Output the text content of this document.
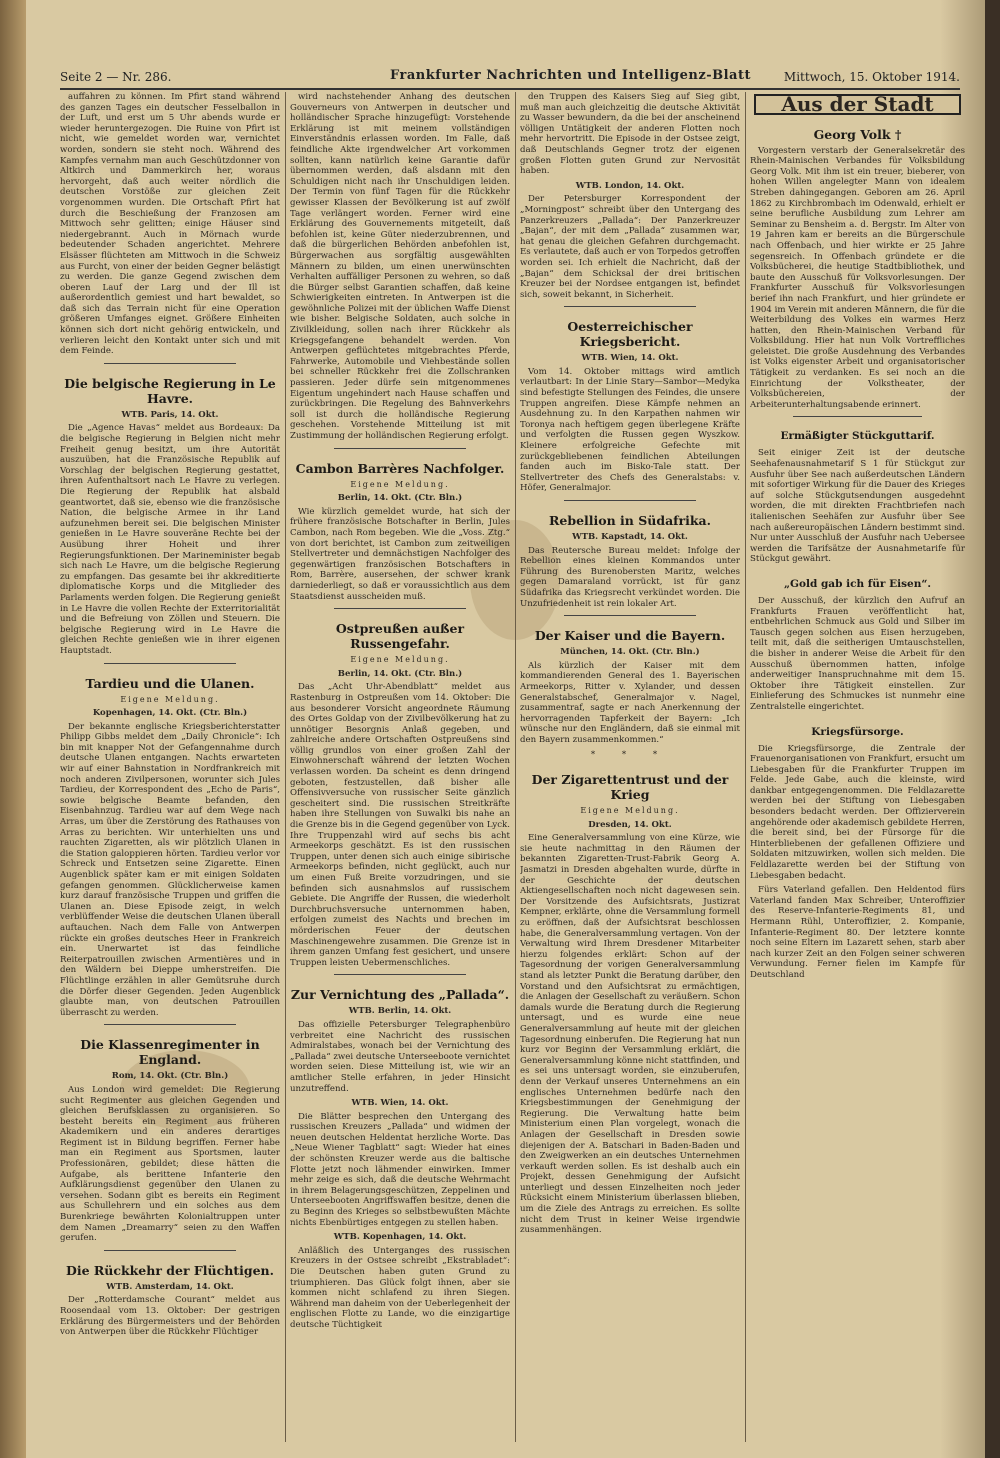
Seite 2 — Nr. 286.	Frankfurter Nachrichten und Intelligenz-Blatt	Mittwoch, 15. Oktober 1914.

auffahren zu können. Im Pfirt stand während des ganzen Tages ein deutscher Fesselballon in der Luft, und erst um 5 Uhr abends wurde er wieder heruntergezogen. Die Ruine von Pfirt ist nicht, wie gemeldet worden war, vernichtet worden, sondern sie steht noch. Während des Kampfes vernahm man auch Geschützdonner von Altkirch und Dammerkirch her, woraus hervorgeht, daß auch weiter nördlich die deutschen Vorstöße zur gleichen Zeit vorgenommen wurden. Die Ortschaft Pfirt hat durch die Beschießung der Franzosen am Mittwoch sehr gelitten; einige Häuser sind niedergebrannt. Auch in Mörnach wurde bedeutender Schaden angerichtet. Mehrere Elsässer flüchteten am Mittwoch in die Schweiz aus Furcht, von einer der beiden Gegner belästigt zu werden. Die ganze Gegend zwischen dem oberen Lauf der Larg und der Ill ist außerordentlich gemiest und hart bewaldet, so daß sich das Terrain nicht für eine Operation größeren Umfanges eignet. Größere Einheiten können sich dort nicht gehörig entwickeln, und verlieren leicht den Kontakt unter sich und mit dem Feinde.

Die belgische Regierung in Le Havre.
WTB. Paris, 14. Okt.

Die „Agence Havas“ meldet aus Bordeaux: Da die belgische Regierung in Belgien nicht mehr Freiheit genug besitzt, um ihre Autorität auszuüben, hat die Französische Republik auf Vorschlag der belgischen Regierung gestattet, ihren Aufenthaltsort nach Le Havre zu verlegen. Die Regierung der Republik hat alsbald geantwortet, daß sie, ebenso wie die französische Nation, die belgische Armee in ihr Land aufzunehmen bereit sei. Die belgischen Minister genießen in Le Havre souveräne Rechte bei der Ausübung ihrer Hoheit und ihrer Regierungsfunktionen. Der Marineminister begab sich nach Le Havre, um die belgische Regierung zu empfangen. Das gesamte bei ihr akkreditierte diplomatische Korps und die Mitglieder des Parlaments werden folgen. Die Regierung genießt in Le Havre die vollen Rechte der Exterritorialität und die Befreiung von Zöllen und Steuern. Die belgische Regierung wird in Le Havre die gleichen Rechte genießen wie in ihrer eigenen Hauptstadt.

Tardieu und die Ulanen.
Eigene Meldung.
Kopenhagen, 14. Okt. (Ctr. Bln.)

Der bekannte englische Kriegsberichterstatter Philipp Gibbs meldet dem „Daily Chronicle“: Ich bin mit knapper Not der Gefangennahme durch deutsche Ulanen entgangen. Nachts erwarteten wir auf einer Bahnstation in Nordfrankreich mit noch anderen Zivilpersonen, worunter sich Jules Tardieu, der Korrespondent des „Echo de Paris“, sowie belgische Beamte befanden, den Eisenbahnzug. Tardieu war auf dem Wege nach Arras, um über die Zerstörung des Rathauses von Arras zu berichten. Wir unterhielten uns und rauchten Zigaretten, als wir plötzlich Ulanen in die Station galoppieren hörten. Tardieu verlor vor Schreck und Entsetzen seine Zigarette. Einen Augenblick später kam er mit einigen Soldaten gefangen genommen. Glücklicherweise kamen kurz darauf französische Truppen und griffen die Ulanen an. Diese Episode zeigt, in welch verblüffender Weise die deutschen Ulanen überall auftauchen. Nach dem Falle von Antwerpen rückte ein großes deutsches Heer in Frankreich ein. Unerwartet ist das feindliche Reiterpatrouillen zwischen Armentières und in den Wäldern bei Dieppe umherstreifen. Die Flüchtlinge erzählen in aller Gemütsruhe durch die Dörfer dieser Gegenden. Jeden Augenblick glaubte man, von deutschen Patrouillen überrascht zu werden.

Die Klassenregimenter in England.
Rom, 14. Okt. (Ctr. Bln.)

Aus London wird gemeldet: Die Regierung sucht Regimenter aus gleichen Gegenden und gleichen Berufsklassen zu organisieren. So besteht bereits ein Regiment aus früheren Akademikern und ein anderes derartiges Regiment ist in Bildung begriffen. Ferner habe man ein Regiment aus Sportsmen, lauter Professionären, gebildet; diese hätten die Aufgabe, als berittene Infanterie den Aufklärungsdienst gegenüber den Ulanen zu versehen. Sodann gibt es bereits ein Regiment aus Schullehrern und ein solches aus dem Burenkriege bewährten Kolonialtruppen unter dem Namen „Dreamarry“ seien zu den Waffen gerufen.

Die Rückkehr der Flüchtigen.
WTB. Amsterdam, 14. Okt.

Der „Rotterdamsche Courant“ meldet aus Roosendaal vom 13. Oktober: Der gestrigen Erklärung des Bürgermeisters und der Behörden von Antwerpen über die Rückkehr Flüchtiger

wird nachstehender Anhang des deutschen Gouverneurs von Antwerpen in deutscher und holländischer Sprache hinzugefügt: Vorstehende Erklärung ist mit meinem vollständigen Einverständnis erlassen worden. Im Falle, daß feindliche Akte irgendwelcher Art vorkommen sollten, kann natürlich keine Garantie dafür übernommen werden, daß alsdann mit den Schuldigen nicht nach ihr Unschuldigen leiden. Der Termin von fünf Tagen für die Rückkehr gewisser Klassen der Bevölkerung ist auf zwölf Tage verlängert worden. Ferner wird eine Erklärung des Gouvernements mitgeteilt, daß befohlen ist, keine Güter niederzubrennen, und daß die bürgerlichen Behörden anbefohlen ist, Bürgerwachen aus sorgfältig ausgewählten Männern zu bilden, um einen unerwünschten Verhalten auffälliger Personen zu wehren, so daß die Bürger selbst Garantien schaffen, daß keine Schwierigkeiten eintreten. In Antwerpen ist die gewöhnliche Polizei mit der üblichen Waffe Dienst wie bisher. Belgische Soldaten, auch solche in Zivilkleidung, sollen nach ihrer Rückkehr als Kriegsgefangene behandelt werden. Von Antwerpen geflüchtetes mitgebrachtes Pferde, Fahrwerke, Automobile und Viehbestände sollen bei schneller Rückkehr frei die Zollschranken passieren. Jeder dürfe sein mitgenommenes Eigentum ungehindert nach Hause schaffen und zurückbringen. Die Regelung des Bahnverkehrs soll ist durch die holländische Regierung geschehen. Vorstehende Mitteilung ist mit Zustimmung der holländischen Regierung erfolgt.

Cambon Barrères Nachfolger.
Eigene Meldung.
Berlin, 14. Okt. (Ctr. Bln.)

Wie kürzlich gemeldet wurde, hat sich der frühere französische Botschafter in Berlin, Jules Cambon, nach Rom begeben. Wie die „Voss. Ztg.“ von dort berichtet, ist Cambon zum zeitweiligen Stellvertreter und demnächstigen Nachfolger des gegenwärtigen französischen Botschafters in Rom, Barrère, ausersehen, der schwer krank darniederliegt, so daß er voraussichtlich aus dem Staatsdienst ausscheiden muß.

Ostpreußen außer Russengefahr.
Eigene Meldung.
Berlin, 14. Okt. (Ctr. Bln.)

Das „Acht Uhr-Abendblatt“ meldet aus Rastenburg in Ostpreußen vom 14. Oktober: Die aus besonderer Vorsicht angeordnete Räumung des Ortes Goldap von der Zivilbevölkerung hat zu unnötiger Besorgnis Anlaß gegeben, und zahlreiche andere Ortschaften Ostpreußens sind völlig grundlos von einer großen Zahl der Einwohnerschaft während der letzten Wochen verlassen worden. Da scheint es denn dringend geboten, festzustellen, daß bisher alle Offensivversuche von russischer Seite gänzlich gescheitert sind. Die russischen Streitkräfte haben ihre Stellungen von Suwalki bis nahe an die Grenze bis in die Gegend gegenüber von Lyck. Ihre Truppenzahl wird auf sechs bis acht Armeekorps geschätzt. Es ist den russischen Truppen, unter denen sich auch einige sibirische Armeekorps befinden, nicht geglückt, auch nur um einen Fuß Breite vorzudringen, und sie befinden sich ausnahmslos auf russischem Gebiete. Die Angriffe der Russen, die wiederholt Durchbruchsversuche unternommen haben, erfolgen zumeist des Nachts und brechen im mörderischen Feuer der deutschen Maschinengewehre zusammen. Die Grenze ist in ihrem ganzen Umfang fest gesichert, und unsere Truppen leisten Uebermenschliches.

Zur Vernichtung des „Pallada“.
WTB. Berlin, 14. Okt.

Das offizielle Petersburger Telegraphenbüro verbreitet eine Nachricht des russischen Admiralstabes, wonach bei der Vernichtung des „Pallada“ zwei deutsche Unterseeboote vernichtet worden seien. Diese Mitteilung ist, wie wir an amtlicher Stelle erfahren, in jeder Hinsicht unzutreffend.

WTB. Wien, 14. Okt.

Die Blätter besprechen den Untergang des russischen Kreuzers „Pallada“ und widmen der neuen deutschen Heldentat herzliche Worte. Das „Neue Wiener Tagblatt“ sagt: Wieder hat eines der schönsten Kreuzer werde aus die baltische Flotte jetzt noch lähmender einwirken. Immer mehr zeige es sich, daß die deutsche Wehrmacht in ihrem Belagerungsgeschützen, Zeppelinen und Unterseebooten Angriffswaffen besitze, denen die zu Beginn des Krieges so selbstbewußten Mächte nichts Ebenbürtiges entgegen zu stellen haben.

WTB. Kopenhagen, 14. Okt.

Anläßlich des Unterganges des russischen Kreuzers in der Ostsee schreibt „Ekstrabladet“: Die Deutschen haben guten Grund zu triumphieren. Das Glück folgt ihnen, aber sie kommen nicht schlafend zu ihren Siegen. Während man daheim von der Ueberlegenheit der englischen Flotte zu Lande, wo die einzigartige deutsche Tüchtigkeit

den Truppen des Kaisers Sieg auf Sieg gibt, muß man auch gleichzeitig die deutsche Aktivität zu Wasser bewundern, da die bei der anscheinend völligen Untätigkeit der anderen Flotten noch mehr hervortritt. Die Episode in der Ostsee zeigt, daß Deutschlands Gegner trotz der eigenen großen Flotten guten Grund zur Nervosität haben.

WTB. London, 14. Okt.

Der Petersburger Korrespondent der „Morningpost“ schreibt über den Untergang des Panzerkreuzers „Pallada“: Der Panzerkreuzer „Bajan“, der mit dem „Pallada“ zusammen war, hat genau die gleichen Gefahren durchgemacht. Es verlautete, daß auch er von Torpedos getroffen worden sei. Ich erhielt die Nachricht, daß der „Bajan“ dem Schicksal der drei britischen Kreuzer bei der Nordsee entgangen ist, befindet sich, soweit bekannt, in Sicherheit.

Oesterreichischer Kriegsbericht.
WTB. Wien, 14. Okt.

Vom 14. Oktober mittags wird amtlich verlautbart: In der Linie Stary—Sambor—Medyka sind befestigte Stellungen des Feindes, die unsere Truppen angreifen. Diese Kämpfe nehmen an Ausdehnung zu. In den Karpathen nahmen wir Toronya nach heftigem gegen überlegene Kräfte und verfolgten die Russen gegen Wyszkow. Kleinere erfolgreiche Gefechte mit zurückgebliebenen feindlichen Abteilungen fanden auch im Bisko-Tale statt. Der Stellvertreter des Chefs des Generalstabs: v. Höfer, Generalmajor.

Rebellion in Südafrika.
WTB. Kapstadt, 14. Okt.

Das Reutersche Bureau meldet: Infolge der Rebellion eines kleinen Kommandos unter Führung des Burenobersten Maritz, welches gegen Damaraland vorrückt, ist für ganz Südafrika das Kriegsrecht verkündet worden. Die Unzufriedenheit ist rein lokaler Art.

Der Kaiser und die Bayern.
München, 14. Okt. (Ctr. Bln.)

Als kürzlich der Kaiser mit dem kommandierenden General des 1. Bayerischen Armeekorps, Ritter v. Xylander, und dessen Generalstabschef, Generalmajor v. Nagel, zusammentraf, sagte er nach Anerkennung der hervorragenden Tapferkeit der Bayern: „Ich wünsche nur den Engländern, daß sie einmal mit den Bayern zusammenkommen.“

* * *
Der Zigarettentrust und der Krieg
Eigene Meldung.
Dresden, 14. Okt.

Eine Generalversammlung von eine Kürze, wie sie heute nachmittag in den Räumen der bekannten Zigaretten-Trust-Fabrik Georg A. Jasmatzi in Dresden abgehalten wurde, dürfte in der Geschichte der deutschen Aktiengesellschaften noch nicht dagewesen sein. Der Vorsitzende des Aufsichtsrats, Justizrat Kempner, erklärte, ohne die Versammlung formell zu eröffnen, daß der Aufsichtsrat beschlossen habe, die Generalversammlung vertagen. Von der Verwaltung wird Ihrem Dresdener Mitarbeiter hierzu folgendes erklärt: Schon auf der Tagesordnung der vorigen Generalversammlung stand als letzter Punkt die Beratung darüber, den Vorstand und den Aufsichtsrat zu ermächtigen, die Anlagen der Gesellschaft zu veräußern. Schon damals wurde die Beratung durch die Regierung untersagt, und es wurde eine neue Generalversammlung auf heute mit der gleichen Tagesordnung einberufen. Die Regierung hat nun kurz vor Beginn der Versammlung erklärt, die Generalversammlung könne nicht stattfinden, und es sei uns untersagt worden, sie einzuberufen, denn der Verkauf unseres Unternehmens an ein englisches Unternehmen bedürfe nach den Kriegsbestimmungen der Genehmigung der Regierung. Die Verwaltung hatte beim Ministerium einen Plan vorgelegt, wonach die Anlagen der Gesellschaft in Dresden sowie diejenigen der A. Batschari in Baden-Baden und den Zweigwerken an ein deutsches Unternehmen verkauft werden sollen. Es ist deshalb auch ein Projekt, dessen Genehmigung der Aufsicht unterliegt und dessen Einzelheiten noch jeder Rücksicht einem Ministerium überlassen blieben, um die Ziele des Antrags zu erreichen. Es sollte nicht dem Trust in keiner Weise irgendwie zusammenhängen.

Aus der Stadt
Georg Volk †

Vorgestern verstarb der Generalsekretär des Rhein-Mainischen Verbandes für Volksbildung Georg Volk. Mit ihm ist ein treuer, bieberer, von hohen Willen angelegter Mann von idealem Streben dahingegangen. Geboren am 26. April 1862 zu Kirchbrombach im Odenwald, erhielt er seine berufliche Ausbildung zum Lehrer am Seminar zu Bensheim a. d. Bergstr. Im Alter von 19 Jahren kam er bereits an die Bürgerschule nach Offenbach, und hier wirkte er 25 Jahre segensreich. In Offenbach gründete er die Volksbücherei, die heutige Stadtbibliothek, und baute den Ausschuß für Volksvorlesungen. Der Frankfurter Ausschuß für Volksvorlesungen berief ihn nach Frankfurt, und hier gründete er 1904 im Verein mit anderen Männern, die für die Weiterbildung des Volkes ein warmes Herz hatten, den Rhein-Mainischen Verband für Volksbildung. Hier hat nun Volk Vortreffliches geleistet. Die große Ausdehnung des Verbandes ist Volks eigenster Arbeit und organisatorischer Tätigkeit zu verdanken. Es sei noch an die Einrichtung der Volkstheater, der Volksbüchereien, der Arbeiterunterhaltungsabende erinnert.

Ermäßigter Stückguttarif.

Seit einiger Zeit ist der deutsche Seehafenausnahmetarif S 1 für Stückgut zur Ausfuhr über See nach außerdeutschen Ländern mit sofortiger Wirkung für die Dauer des Krieges auf solche Stückgutsendungen ausgedehnt worden, die mit direkten Frachtbriefen nach italienischen Seehäfen zur Ausfuhr über See nach außereuropäischen Ländern bestimmt sind. Nur unter Ausschluß der Ausfuhr nach Uebersee werden die Tarifsätze der Ausnahmetarife für Stückgut gewährt.

„Gold gab ich für Eisen“.

Der Ausschuß, der kürzlich den Aufruf an Frankfurts Frauen veröffentlicht hat, entbehrlichen Schmuck aus Gold und Silber im Tausch gegen solchen aus Eisen herzugeben, teilt mit, daß die seitherigen Umtauschstellen, die bisher in anderer Weise die Arbeit für den Ausschuß übernommen hatten, infolge anderweitiger Inanspruchnahme mit dem 15. Oktober ihre Tätigkeit einstellen. Zur Einlieferung des Schmuckes ist nunmehr eine Zentralstelle eingerichtet.

Kriegsfürsorge.

Die Kriegsfürsorge, die Zentrale der Frauenorganisationen von Frankfurt, ersucht um Liebesgaben für die Frankfurter Truppen im Felde. Jede Gabe, auch die kleinste, wird dankbar entgegengenommen. Die Feldlazarette werden bei der Stiftung von Liebesgaben besonders bedacht werden. Der Offizierverein angehörende oder akademisch gebildete Herren, die bereit sind, bei der Fürsorge für die Hinterbliebenen der gefallenen Offiziere und Soldaten mitzuwirken, wollen sich melden. Die Feldlazarette werden bei der Stiftung von Liebesgaben bedacht.

Fürs Vaterland gefallen. Den Heldentod fürs Vaterland fanden Max Schreiber, Unteroffizier des Reserve-Infanterie-Regiments 81, und Hermann Rühl, Unteroffizier, 2. Kompanie, Infanterie-Regiment 80. Der letztere konnte noch seine Eltern im Lazarett sehen, starb aber nach kurzer Zeit an den Folgen seiner schweren Verwundung. Ferner fielen im Kampfe für Deutschland
